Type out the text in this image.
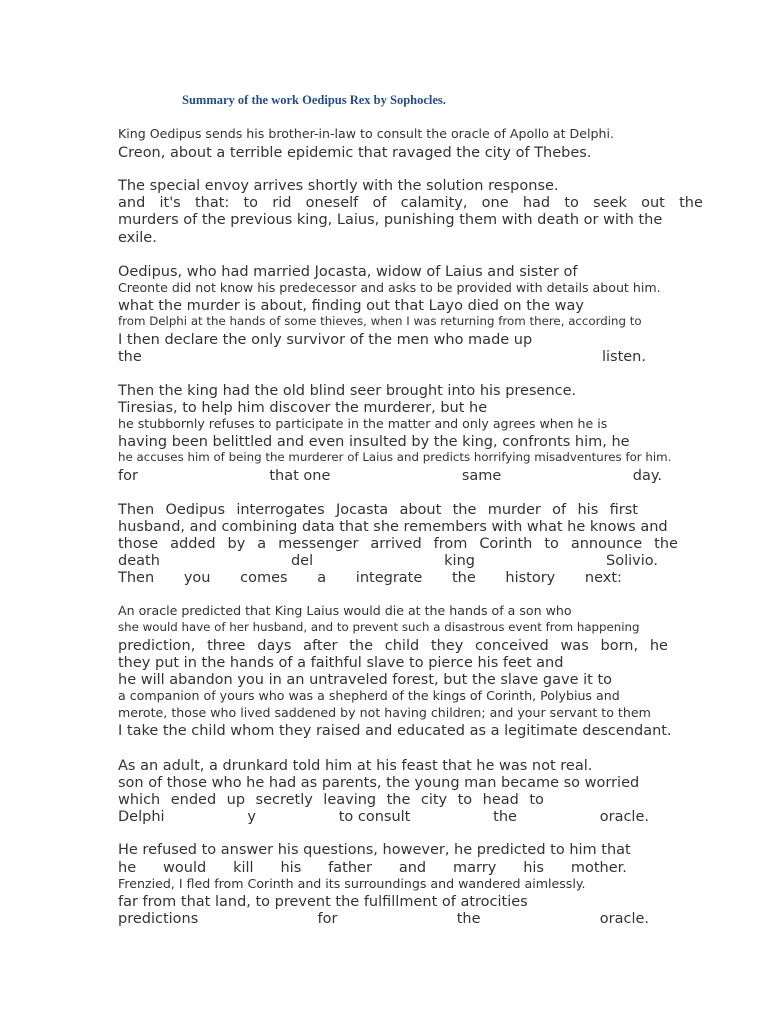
Summary of the work Oedipus Rex by Sophocles.

King Oedipus sends his brother-in-law to consult the oracle of Apollo at Delphi.

Creon, about a terrible epidemic that ravaged the city of Thebes.

The special envoy arrives shortly with the solution response.

and it's that: to rid oneself of calamity, one had to seek out the

murders of the previous king, Laius, punishing them with death or with the

exile.

Oedipus, who had married Jocasta, widow of Laius and sister of

Creonte did not know his predecessor and asks to be provided with details about him.

what the murder is about, finding out that Layo died on the way

from Delphi at the hands of some thieves, when I was returning from there, according to

I then declare the only survivor of the men who made up

the	listen.

Then the king had the old blind seer brought into his presence.

Tiresias, to help him discover the murderer, but he

he stubbornly refuses to participate in the matter and only agrees when he is

having been belittled and even insulted by the king, confronts him, he

he accuses him of being the murderer of Laius and predicts horrifying misadventures for him.

for	that one	same	day.

Then Oedipus interrogates Jocasta about the murder of his first

husband, and combining data that she remembers with what he knows and

those added by a messenger arrived from Corinth to announce the

death	del	king	Solivio.

Then you comes a integrate the history next:

An oracle predicted that King Laius would die at the hands of a son who

she would have of her husband, and to prevent such a disastrous event from happening

prediction, three days after the child they conceived was born, he

they put in the hands of a faithful slave to pierce his feet and

he will abandon you in an untraveled forest, but the slave gave it to

a companion of yours who was a shepherd of the kings of Corinth, Polybius and

merote, those who lived saddened by not having children; and your servant to them

I take the child whom they raised and educated as a legitimate descendant.

As an adult, a drunkard told him at his feast that he was not real.

son of those who he had as parents, the young man became so worried

which ended up secretly leaving the city to head to

Delphi	y	to consult	the	oracle.

He refused to answer his questions, however, he predicted to him that

he would kill his father and marry his mother.

Frenzied, I fled from Corinth and its surroundings and wandered aimlessly.

far from that land, to prevent the fulfillment of atrocities

predictions	for	the	oracle.
